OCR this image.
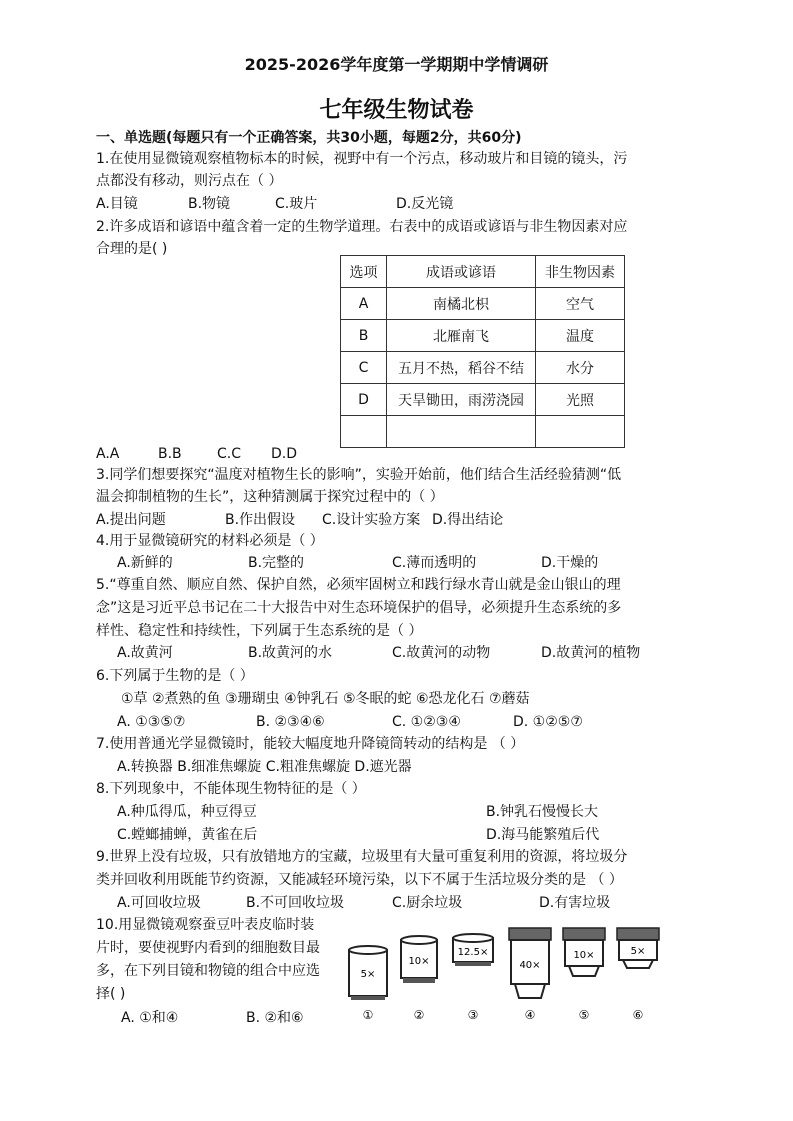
2025-2026学年度第一学期期中学情调研
七年级生物试卷
一、单选题(每题只有一个正确答案，共30小题，每题2分，共60分)
1.在使用显微镜观察植物标本的时候，视野中有一个污点，移动玻片和目镜的镜头，污
点都没有移动，则污点在（ ）
A.目镜	B.物镜	C.玻片	D.反光镜
2.许多成语和谚语中蕴含着一定的生物学道理。右表中的成语或谚语与非生物因素对应
合理的是( )
选项	成语或谚语	非生物因素
A	南橘北枳	空气
B	北雁南飞	温度
C	五月不热，稻谷不结	水分
D	天旱锄田，雨涝浇园	光照

A.A	B.B	C.C D.D
3.同学们想要探究“温度对植物生长的影响”，实验开始前，他们结合生活经验猜测“低
温会抑制植物的生长”，这种猜测属于探究过程中的（ ）
A.提出问题	B.作出假设 C.设计实验方案 D.得出结论
4.用于显微镜研究的材料必须是（ ）
A.新鲜的	B.完整的	C.薄而透明的	D.干燥的
5.“尊重自然、顺应自然、保护自然，必须牢固树立和践行绿水青山就是金山银山的理
念”这是习近平总书记在二十大报告中对生态环境保护的倡导，必须提升生态系统的多
样性、稳定性和持续性，下列属于生态系统的是（ ）
A.故黄河	B.故黄河的水	C.故黄河的动物	D.故黄河的植物
6.下列属于生物的是（ ）
①草 ②煮熟的鱼 ③珊瑚虫 ④钟乳石 ⑤冬眠的蛇 ⑥恐龙化石 ⑦蘑菇
A. ①③⑤⑦	B. ②③④⑥	C. ①②③④	D. ①②⑤⑦
7.使用普通光学显微镜时，能较大幅度地升降镜筒转动的结构是 （ ）
A.转换器 B.细准焦螺旋 C.粗准焦螺旋 D.遮光器
8.下列现象中，不能体现生物特征的是（ ）
A.种瓜得瓜，种豆得豆	B.钟乳石慢慢长大
C.螳螂捕蝉，黄雀在后	D.海马能繁殖后代
9.世界上没有垃圾，只有放错地方的宝藏，垃圾里有大量可重复利用的资源，将垃圾分
类并回收利用既能节约资源，又能减轻环境污染，以下不属于生活垃圾分类的是 （ ）
A.可回收垃圾	B.不可回收垃圾	C.厨余垃圾	D.有害垃圾
10.用显微镜观察蚕豆叶表皮临时装
片时，要使视野内看到的细胞数目最
多，在下列目镜和物镜的组合中应选
择( )
A. ①和④	B. ②和⑥
5×
①
10×
②
12.5×
③
40×
④
10×
⑤
5×
⑥
